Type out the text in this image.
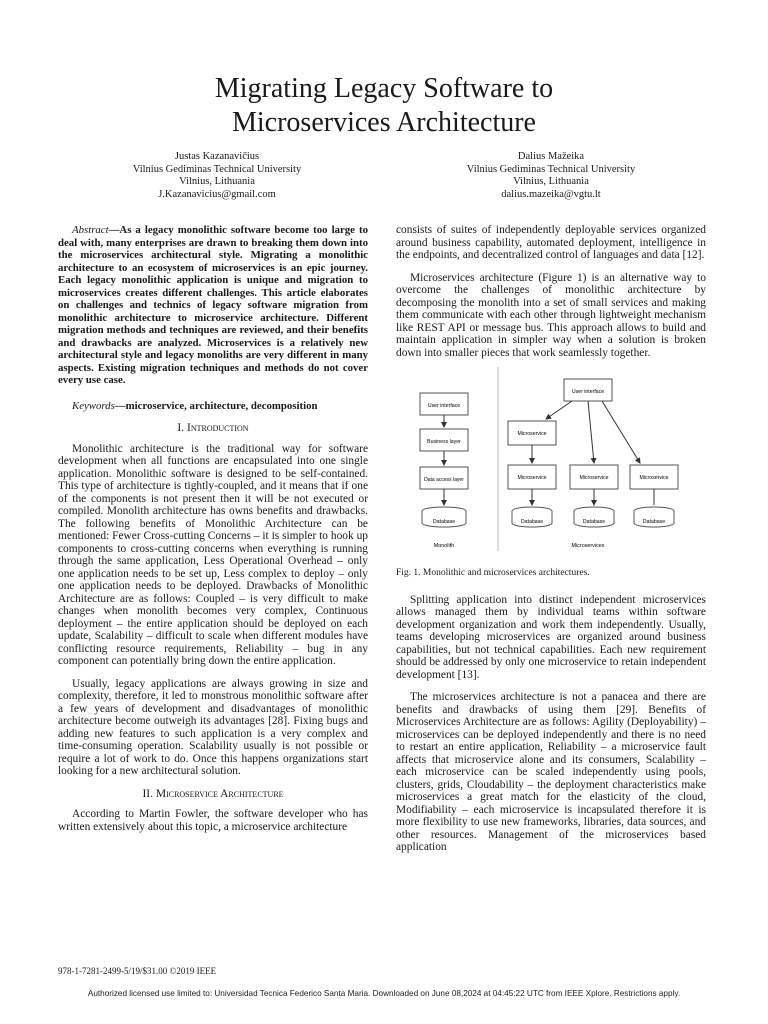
Migrating Legacy Software to
Microservices Architecture
Justas Kazanavičius
Vilnius Gediminas Technical University
Vilnius, Lithuania
J.Kazanavicius@gmail.com
Dalius Mažeika
Vilnius Gediminas Technical University
Vilnius, Lithuania
dalius.mazeika@vgtu.lt

Abstract—As a legacy monolithic software become too large to deal with, many enterprises are drawn to breaking them down into the microservices architectural style. Migrating a monolithic architecture to an ecosystem of microservices is an epic journey. Each legacy monolithic application is unique and migration to microservices creates different challenges. This article elaborates on challenges and technics of legacy software migration from monolithic architecture to microservice architecture. Different migration methods and techniques are reviewed, and their benefits and drawbacks are analyzed. Microservices is a relatively new architectural style and legacy monoliths are very different in many aspects. Existing migration techniques and methods do not cover every use case.

Keywords—microservice, architecture, decomposition

I. Introduction

Monolithic architecture is the traditional way for software development when all functions are encapsulated into one single application. Monolithic software is designed to be self-contained. This type of architecture is tightly-coupled, and it means that if one of the components is not present then it will be not executed or compiled. Monolith architecture has owns benefits and drawbacks. The following benefits of Monolithic Architecture can be mentioned: Fewer Cross-cutting Concerns – it is simpler to hook up components to cross-cutting concerns when everything is running through the same application, Less Operational Overhead – only one application needs to be set up, Less complex to deploy – only one application needs to be deployed. Drawbacks of Monolithic Architecture are as follows: Coupled – is very difficult to make changes when monolith becomes very complex, Continuous deployment – the entire application should be deployed on each update, Scalability – difficult to scale when different modules have conflicting resource requirements, Reliability – bug in any component can potentially bring down the entire application.

Usually, legacy applications are always growing in size and complexity, therefore, it led to monstrous monolithic software after a few years of development and disadvantages of monolithic architecture become outweigh its advantages [28]. Fixing bugs and adding new features to such application is a very complex and time-consuming operation. Scalability usually is not possible or require a lot of work to do. Once this happens organizations start looking for a new architectural solution.

II. Microservice Architecture

According to Martin Fowler, the software developer who has written extensively about this topic, a microservice architecture

consists of suites of independently deployable services organized around business capability, automated deployment, intelligence in the endpoints, and decentralized control of languages and data [12].

Microservices architecture (Figure 1) is an alternative way to overcome the challenges of monolithic architecture by decomposing the monolith into a set of small services and making them communicate with each other through lightweight mechanism like REST API or message bus. This approach allows to build and maintain application in simpler way when a solution is broken down into smaller pieces that work seamlessly together.

User interface
Business layer
Data access layer
Database
Monolith
User interface
Microservice
Microservice	Microservice
Database	Database
Microservices
Microservice
Database

Fig. 1. Monolithic and microservices architectures.

Splitting application into distinct independent microservices allows managed them by individual teams within software development organization and work them independently. Usually, teams developing microservices are organized around business capabilities, but not technical capabilities. Each new requirement should be addressed by only one microservice to retain independent development [13].

The microservices architecture is not a panacea and there are benefits and drawbacks of using them [29]. Benefits of Microservices Architecture are as follows: Agility (Deployability) – microservices can be deployed independently and there is no need to restart an entire application, Reliability – a microservice fault affects that microservice alone and its consumers, Scalability – each microservice can be scaled independently using pools, clusters, grids, Cloudability – the deployment characteristics make microservices a great match for the elasticity of the cloud, Modifiability – each microservice is incapsulated therefore it is more flexibility to use new frameworks, libraries, data sources, and other resources. Management of the microservices based application

978-1-7281-2499-5/19/$31.00 ©2019 IEEE
Authorized licensed use limited to: Universidad Tecnica Federico Santa Maria. Downloaded on June 08,2024 at 04:45:22 UTC from IEEE Xplore. Restrictions apply.
